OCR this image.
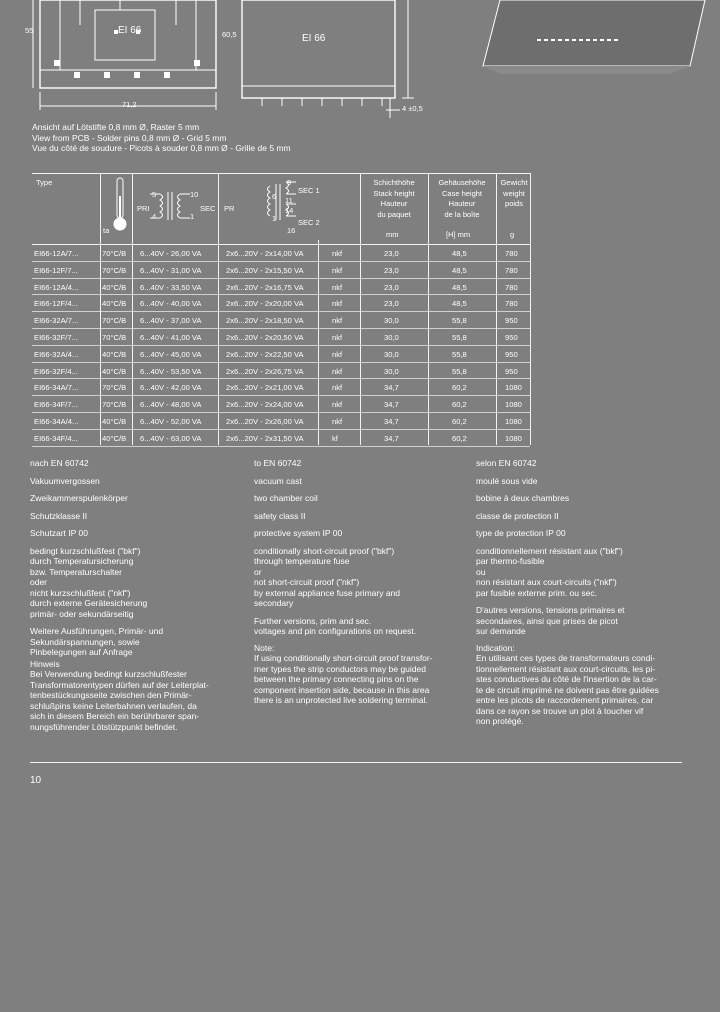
EI 66
EI 66
71,2
55	60,5
4 ±0,5
Ansicht auf Lötstifte 0,8 mm Ø, Raster 5 mm
View from PCB - Solder pins 0,8 mm Ø - Grid 5 mm
Vue du côté de soudure - Picots à souder 0,8 mm Ø - Grille de 5 mm
Type
ta
PRI	SEC
5	10
4	1
PR
SEC 1
SEC 2
9
6 11
14
1
16
Schichthöhe
Stack height
Hauteur
du paquet
Gehäusehöhe
Case height
Hauteur
de la boîte
Gewicht
weight
poids
mm	[H] mm	g
EI66-12A/7...	70°C/B 6...40V - 26,00 VA	2x6...20V - 2x14,00 VA	nkf	23,0	48,5	780
EI66-12F/7...	70°C/B 6...40V - 31,00 VA	2x6...20V - 2x15,50 VA	nkf	23,0	48,5	780
EI66-12A/4...	40°C/B 6...40V - 33,50 VA	2x6...20V - 2x16,75 VA	nkf	23,0	48,5	780
EI66-12F/4...	40°C/B 6...40V - 40,00 VA	2x6...20V - 2x20,00 VA	nkf	23,0	48,5	780
EI66-32A/7...	70°C/B 6...40V - 37,00 VA	2x6...20V - 2x18,50 VA	nkf	30,0	55,8	950
EI66-32F/7...	70°C/B 6...40V - 41,00 VA	2x6...20V - 2x20,50 VA	nkf	30,0	55,8	950
EI66-32A/4...	40°C/B 6...40V - 45,00 VA	2x6...20V - 2x22,50 VA	nkf	30,0	55,8	950
EI66-32F/4...	40°C/B 6...40V - 53,50 VA	2x6...20V - 2x26,75 VA	nkf	30,0	55,8	950
EI66-34A/7...	70°C/B 6...40V - 42,00 VA	2x6...20V - 2x21,00 VA	nkf	34,7	60,2	1080
EI66-34F/7...	70°C/B 6...40V - 48,00 VA	2x6...20V - 2x24,00 VA	nkf	34,7	60,2	1080
EI66-34A/4...	40°C/B 6...40V - 52,00 VA	2x6...20V - 2x26,00 VA	nkf	34,7	60,2	1080
EI66-34F/4...	40°C/B 6...40V - 63,00 VA	2x6...20V - 2x31,50 VA	kf	34,7	60,2	1080
nach EN 60742
Vakuumvergossen
Zweikammerspulenkörper
Schutzklasse II
Schutzart IP 00
bedingt kurzschlußfest ("bkf")
durch Temperatursicherung
bzw. Temperaturschalter
oder
nicht kurzschlußfest ("nkf")
durch externe Gerätesicherung
primär- oder sekundärseitig
Weitere Ausführungen, Primär- und
Sekundärspannungen, sowie
Pinbelegungen auf Anfrage
Hinweis
Bei Verwendung bedingt kurzschlußfester
Transformatorentypen dürfen auf der Leiterplat-
tenbestückungsseite zwischen den Primär-
schlußpins keine Leiterbahnen verlaufen, da
sich in diesem Bereich ein berührbarer span-
nungsführender Lötstützpunkt befindet.
to EN 60742
vacuum cast
two chamber coil
safety class II
protective system IP 00
conditionally short-circuit proof ("bkf")
through temperature fuse
or
not short-circuit proof ("nkf")
by external appliance fuse primary and
secondary
Further versions, prim and sec.
voltages and pin configurations on request.
Note:
If using conditionally short-circuit proof transfor-
mer types the strip conductors may be guided
between the primary connecting pins on the
component insertion side, because in this area
there is an unprotected live soldering terminal.
selon EN 60742
moulé sous vide
bobine à deux chambres
classe de protection II
type de protection IP 00
conditionnellement résistant aux ("bkf")
par thermo-fusible
ou
non résistant aux court-circuits ("nkf")
par fusible externe prim. ou sec.
D'autres versions, tensions primaires et
secondaires, ainsi que prises de picot
sur demande
Indication:
En utilisant ces types de transformateurs condi-
tionnellement résistant aux court-circuits, les pi-
stes conductives du côté de l'insertion de la car-
te de circuit imprimé ne doivent pas être guidées
entre les picots de raccordement primaires, car
dans ce rayon se trouve un plot à toucher vif
non protégé.
10
